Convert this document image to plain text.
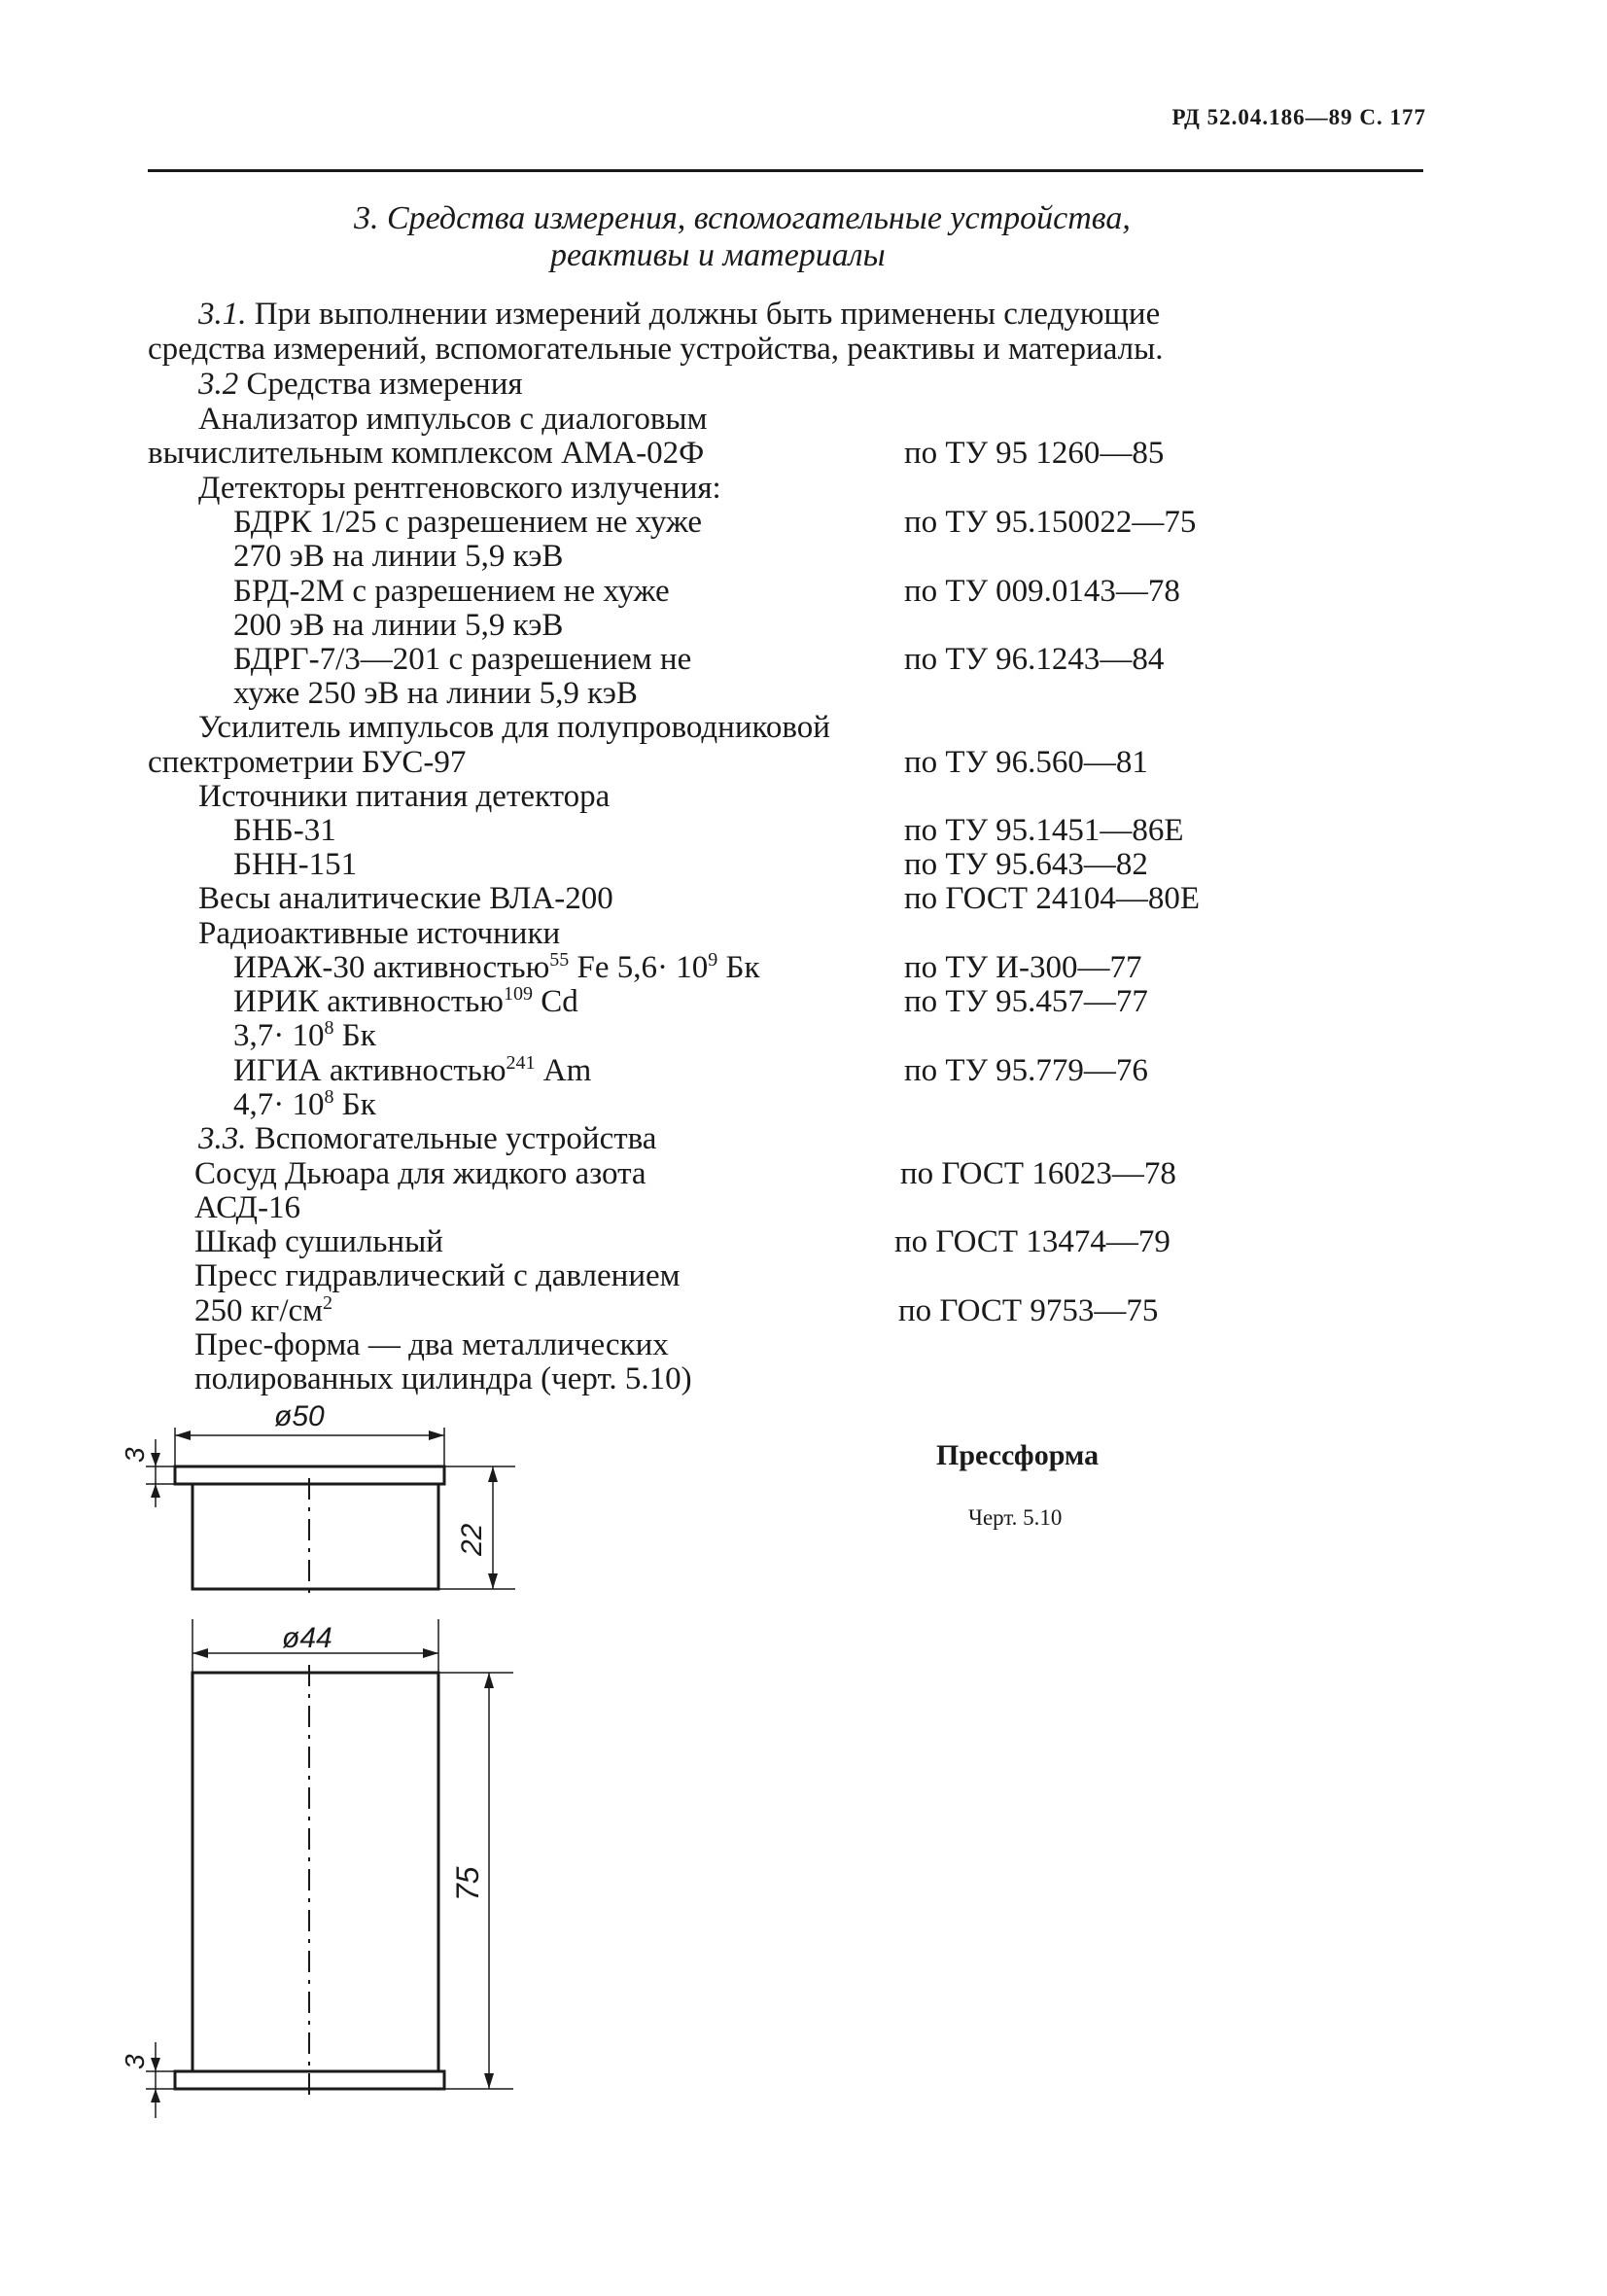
РД 52.04.186—89 С. 177
3. Средства измерения, вспомогательные устройства,
реактивы и материалы
3.1. При выполнении измерений должны быть применены следующие
средства измерений, вспомогательные устройства, реактивы и материалы.
3.2 Средства измерения
Анализатор импульсов с диалоговым
вычислительным комплексом АМА-02Ф	по ТУ 95 1260—85
Детекторы рентгеновского излучения:
БДРК 1/25 с разрешением не хуже	по ТУ 95.150022—75
270 эВ на линии 5,9 кэВ
БРД-2М с разрешением не хуже	по ТУ 009.0143—78
200 эВ на линии 5,9 кэВ
БДРГ-7/3—201 с разрешением не	по ТУ 96.1243—84
хуже 250 эВ на линии 5,9 кэВ
Усилитель импульсов для полупроводниковой
спектрометрии БУС-97	по ТУ 96.560—81
Источники питания детектора
БНБ-31	по ТУ 95.1451—86Е
БНН-151	по ТУ 95.643—82
Весы аналитические ВЛА-200	по ГОСТ 24104—80Е
Радиоактивные источники
ИРАЖ-30 активностью$^{55}$ Fe $5,6\cdot 10^9$ Бк	по ТУ И-300—77
ИРИК активностью$^{109}$ Cd	по ТУ 95.457—77
$3,7\cdot 10^8$ Бк
ИГИА активностью$^{241}$ Am	по ТУ 95.779—76
$4,7\cdot 10^8$ Бк
3.3. Вспомогательные устройства
Сосуд Дьюара для жидкого азота	по ГОСТ 16023—78
АСД-16
Шкаф сушильный	по ГОСТ 13474—79
Пресс гидравлический с давлением
250 $кг/см^2$	по ГОСТ 9753—75
Прес-форма — два металлических
полированных цилиндра (черт. 5.10)
Прессформа
Черт. 5.10
ø50
3
22
ø44
75
3
